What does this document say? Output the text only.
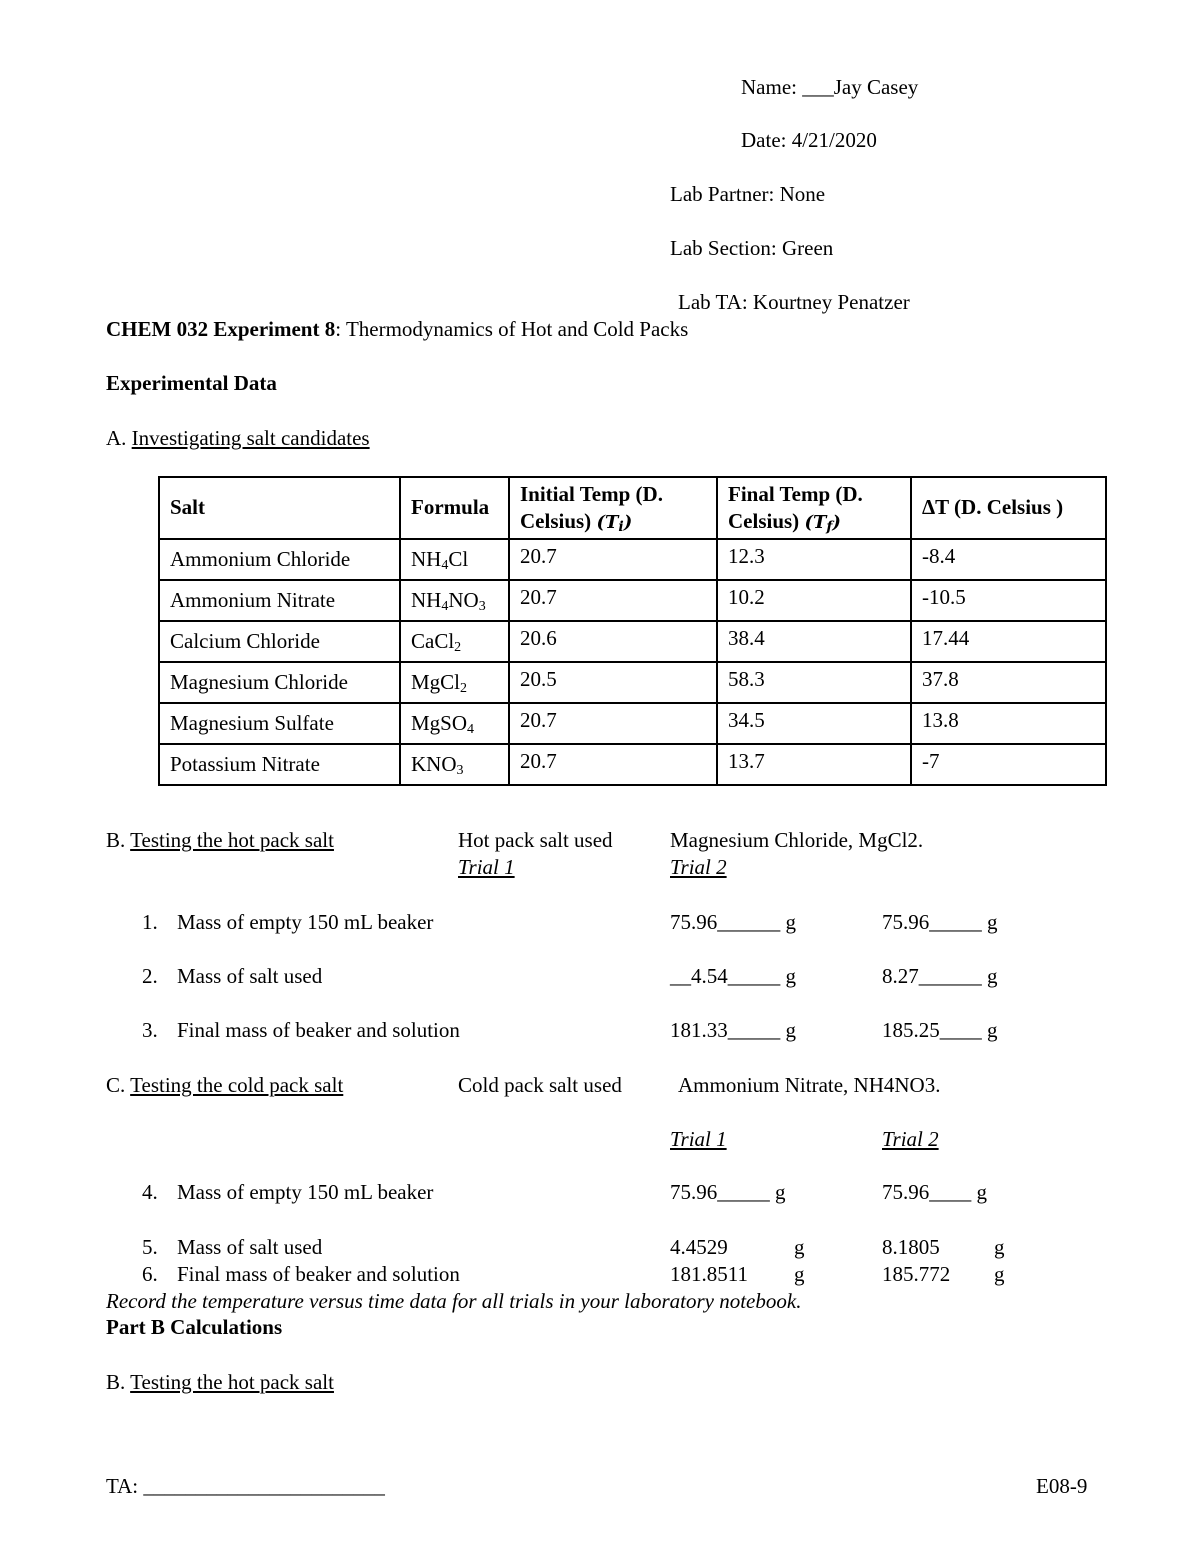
Name: ___Jay Casey
Date: 4/21/2020
Lab Partner: None
Lab Section: Green
Lab TA: Kourtney Penatzer
CHEM 032 Experiment 8: Thermodynamics of Hot and Cold Packs
Experimental Data
A. Investigating salt candidates
Salt	Formula	Initial Temp (D. Celsius) $(T_i)$	Final Temp (D. Celsius) $(T_f)$	ΔT (D. Celsius )
Ammonium Chloride	$NH_4Cl$	20.7	12.3	-8.4
Ammonium Nitrate	$NH_4NO_3$	20.7	10.2	-10.5
Calcium Chloride	CaCl$_2$	20.6	38.4	17.44
Magnesium Chloride	MgCl$_2$	20.5	58.3	37.8
Magnesium Sulfate	MgSO$_4$	20.7	34.5	13.8
Potassium Nitrate	$KNO_3$	20.7	13.7	-7
B. Testing the hot pack salt	Hot pack salt used	Magnesium Chloride, MgCl2.
Trial 1	Trial 2
1. Mass of empty 150 mL beaker	75.96______ g	75.96_____ g
2. Mass of salt used	__4.54_____ g	8.27______ g
3. Final mass of beaker and solution	181.33_____ g	185.25____ g
C. Testing the cold pack salt	Cold pack salt used	Ammonium Nitrate, NH4NO3.
Trial 1	Trial 2
4. Mass of empty 150 mL beaker	75.96_____ g	75.96____ g
5. Mass of salt used	4.4529	g	8.1805	g
6. Final mass of beaker and solution	181.8511 g	185.772 g
Record the temperature versus time data for all trials in your laboratory notebook.
Part B Calculations
B. Testing the hot pack salt
TA: _______________________	E08-9
